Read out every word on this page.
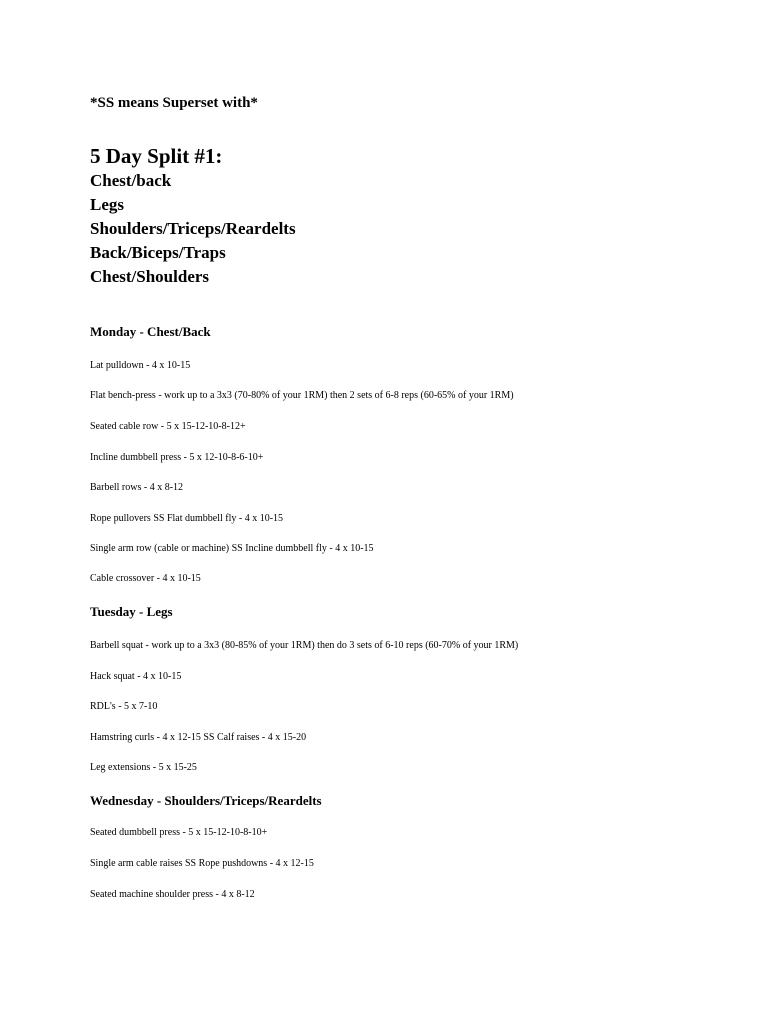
*SS means Superset with*

5 Day Split #1:
Chest/back
Legs
Shoulders/Triceps/Reardelts
Back/Biceps/Traps
Chest/Shoulders
Monday - Chest/Back

Lat pulldown - 4 x 10-15

Flat bench-press - work up to a 3x3 (70-80% of your 1RM) then 2 sets of 6-8 reps (60-65% of your 1RM)

Seated cable row - 5 x 15-12-10-8-12+

Incline dumbbell press - 5 x 12-10-8-6-10+

Barbell rows - 4 x 8-12

Rope pullovers SS Flat dumbbell fly - 4 x 10-15

Single arm row (cable or machine) SS Incline dumbbell fly - 4 x 10-15

Cable crossover - 4 x 10-15

Tuesday - Legs

Barbell squat - work up to a 3x3 (80-85% of your 1RM) then do 3 sets of 6-10 reps (60-70% of your 1RM)

Hack squat - 4 x 10-15

RDL's - 5 x 7-10

Hamstring curls - 4 x 12-15 SS Calf raises - 4 x 15-20

Leg extensions - 5 x 15-25

Wednesday - Shoulders/Triceps/Reardelts

Seated dumbbell press - 5 x 15-12-10-8-10+

Single arm cable raises SS Rope pushdowns - 4 x 12-15

Seated machine shoulder press - 4 x 8-12
